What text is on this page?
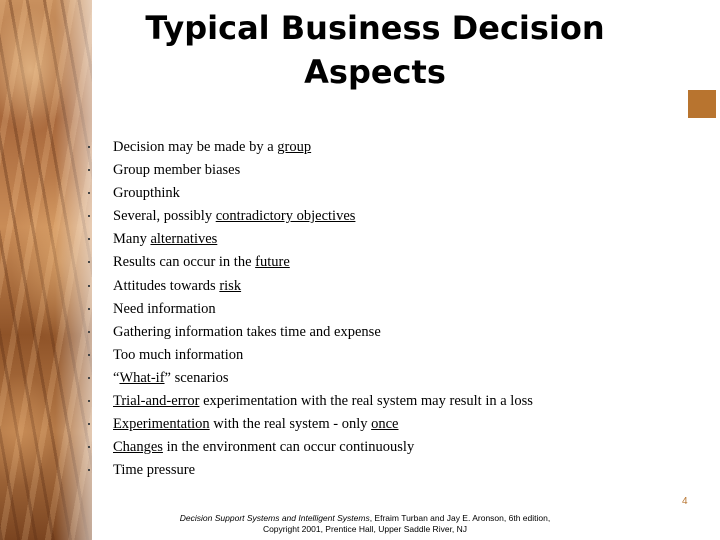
Typical Business Decision Aspects
Decision may be made by a group
Group member biases
Groupthink
Several, possibly contradictory objectives
Many alternatives
Results can occur in the future
Attitudes towards risk
Need information
Gathering information takes time and expense
Too much information
“What-if” scenarios
Trial-and-error experimentation with the real system may result in a loss
Experimentation with the real system - only once
Changes in the environment can occur continuously
Time pressure
4
Decision Support Systems and Intelligent Systems, Efraim Turban and Jay E. Aronson, 6th edition,
Copyright 2001, Prentice Hall, Upper Saddle River, NJ
